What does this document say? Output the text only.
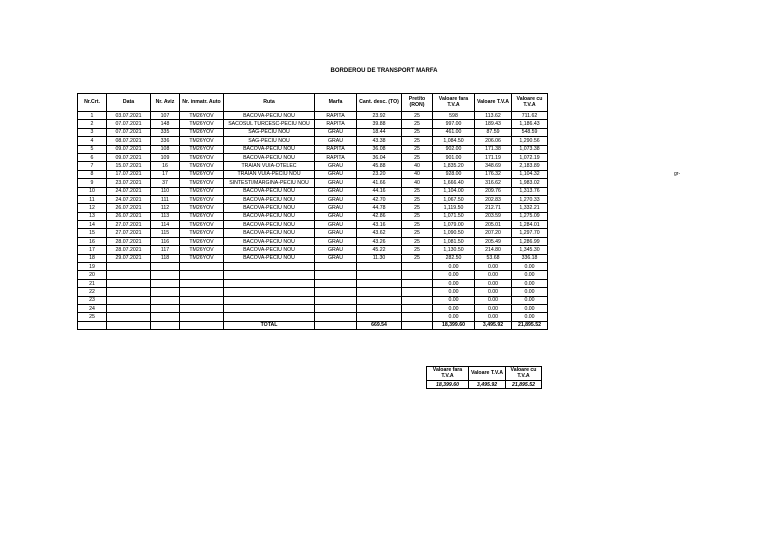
BORDEROU DE TRANSPORT MARFA
gr-
Nr.Crt.	Data	Nr. Aviz	Nr. inmatr. Auto	Ruta	Marfa	Cant. desc. (TO)	Pret/to (RON)	Valoare fara T.V.A	Valoare T.V.A	Valoare cu T.V.A
1	03.07.2021	107	TM26YOV	BACOVA-PECIU NOU	RAPITA	23.92	25	598	113.62	711.62
2	07.07.2021	148	TM26YOV	SACOSUL TURCESC-PECIU NOU	RAPITA	39.88	25	997.00	189.43	1,186.43
3	07.07.2021	335	TM26YOV	SAG-PECIU NOU	GRAU	18.44	25	461.00	87.59	548.59
4	08.07.2021	336	TM26YOV	SAG-PECIU NOU	GRAU	43.38	25	1,084.50	206.06	1,290.56
5	09.07.2021	108	TM26YOV	BACOVA-PECIU NOU	RAPITA	36.08	25	902.00	171.38	1,073.38
6	09.07.2021	109	TM26YOV	BACOVA-PECIU NOU	RAPITA	36.04	25	901.00	171.19	1,072.19
7	15.07.2021	16	TM26YOV	TRAIAN VUIA-OTELEC	GRAU	45.88	40	1,835.20	348.69	2,183.89
8	17.07.2021	17	TM26YOV	TRAIAN VUIA-PECIU NOU	GRAU	23.20	40	928.00	176.32	1,104.32
9	23.07.2021	37	TM26YOV	SINTESTI/MARGINA-PECIU NOU	GRAU	41.66	40	1,666.40	316.62	1,983.02
10	24.07.2021	110	TM26YOV	BACOVA-PECIU NOU	GRAU	44.16	25	1,104.00	209.76	1,313.76
11	24.07.2021	111	TM26YOV	BACOVA-PECIU NOU	GRAU	42.70	25	1,067.50	202.83	1,270.33
12	26.07.2021	112	TM26YOV	BACOVA-PECIU NOU	GRAU	44.78	25	1,119.50	212.71	1,332.21
13	26.07.2021	113	TM26YOV	BACOVA-PECIU NOU	GRAU	42.86	25	1,071.50	203.59	1,275.09
14	27.07.2021	114	TM26YOV	BACOVA-PECIU NOU	GRAU	43.16	25	1,079.00	205.01	1,284.01
15	27.07.2021	115	TM26YOV	BACOVA-PECIU NOU	GRAU	43.62	25	1,090.50	207.20	1,297.70
16	28.07.2021	116	TM26YOV	BACOVA-PECIU NOU	GRAU	43.26	25	1,081.50	205.49	1,286.99
17	28.07.2021	117	TM26YOV	BACOVA-PECIU NOU	GRAU	45.22	25	1,130.50	214.80	1,345.30
18	29.07.2021	118	TM26YOV	BACOVA-PECIU NOU	GRAU	11.30	25	282.50	53.68	336.18
19								0.00	0.00	0.00
20								0.00	0.00	0.00
21								0.00	0.00	0.00
22								0.00	0.00	0.00
23								0.00	0.00	0.00
24								0.00	0.00	0.00
25								0.00	0.00	0.00
				TOTAL		669.54		18,399.60	3,495.92	21,895.52
Valoare fara T.V.A	Valoare T.V.A	Valoare cu T.V.A
18,399.60	3,495.92	21,895.52
